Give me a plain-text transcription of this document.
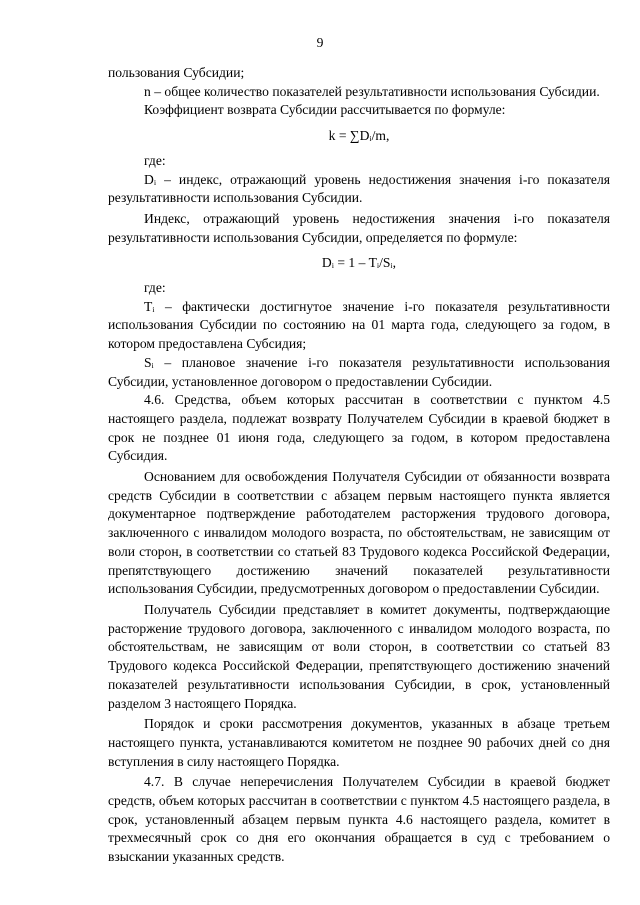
9

пользования Субсидии;

n – общее количество показателей результативности использования Субсидии.

Коэффициент возврата Субсидии рассчитывается по формуле:

k = ∑Dᵢ/m,

где:

Dᵢ – индекс, отражающий уровень недостижения значения i-го показателя результативности использования Субсидии.

Индекс, отражающий уровень недостижения значения i-го показателя результативности использования Субсидии, определяется по формуле:

Dᵢ = 1 – Tᵢ/Sᵢ,

где:

Tᵢ – фактически достигнутое значение i-го показателя результативности использования Субсидии по состоянию на 01 марта года, следующего за годом, в котором предоставлена Субсидия;

Sᵢ – плановое значение i-го показателя результативности использования Субсидии, установленное договором о предоставлении Субсидии.

4.6. Средства, объем которых рассчитан в соответствии с пунктом 4.5 настоящего раздела, подлежат возврату Получателем Субсидии в краевой бюджет в срок не позднее 01 июня года, следующего за годом, в котором предоставлена Субсидия.

Основанием для освобождения Получателя Субсидии от обязанности возврата средств Субсидии в соответствии с абзацем первым настоящего пункта является документарное подтверждение работодателем расторжения трудового договора, заключенного с инвалидом молодого возраста, по обстоятельствам, не зависящим от воли сторон, в соответствии со статьей 83 Трудового кодекса Российской Федерации, препятствующего достижению значений показателей результативности использования Субсидии, предусмотренных договором о предоставлении Субсидии.

Получатель Субсидии представляет в комитет документы, подтверждающие расторжение трудового договора, заключенного с инвалидом молодого возраста, по обстоятельствам, не зависящим от воли сторон, в соответствии со статьей 83 Трудового кодекса Российской Федерации, препятствующего достижению значений показателей результативности использования Субсидии, в срок, установленный разделом 3 настоящего Порядка.

Порядок и сроки рассмотрения документов, указанных в абзаце третьем настоящего пункта, устанавливаются комитетом не позднее 90 рабочих дней со дня вступления в силу настоящего Порядка.

4.7. В случае неперечисления Получателем Субсидии в краевой бюджет средств, объем которых рассчитан в соответствии с пунктом 4.5 настоящего раздела, в срок, установленный абзацем первым пункта 4.6 настоящего раздела, комитет в трехмесячный срок со дня его окончания обращается в суд с требованием о взыскании указанных средств.
